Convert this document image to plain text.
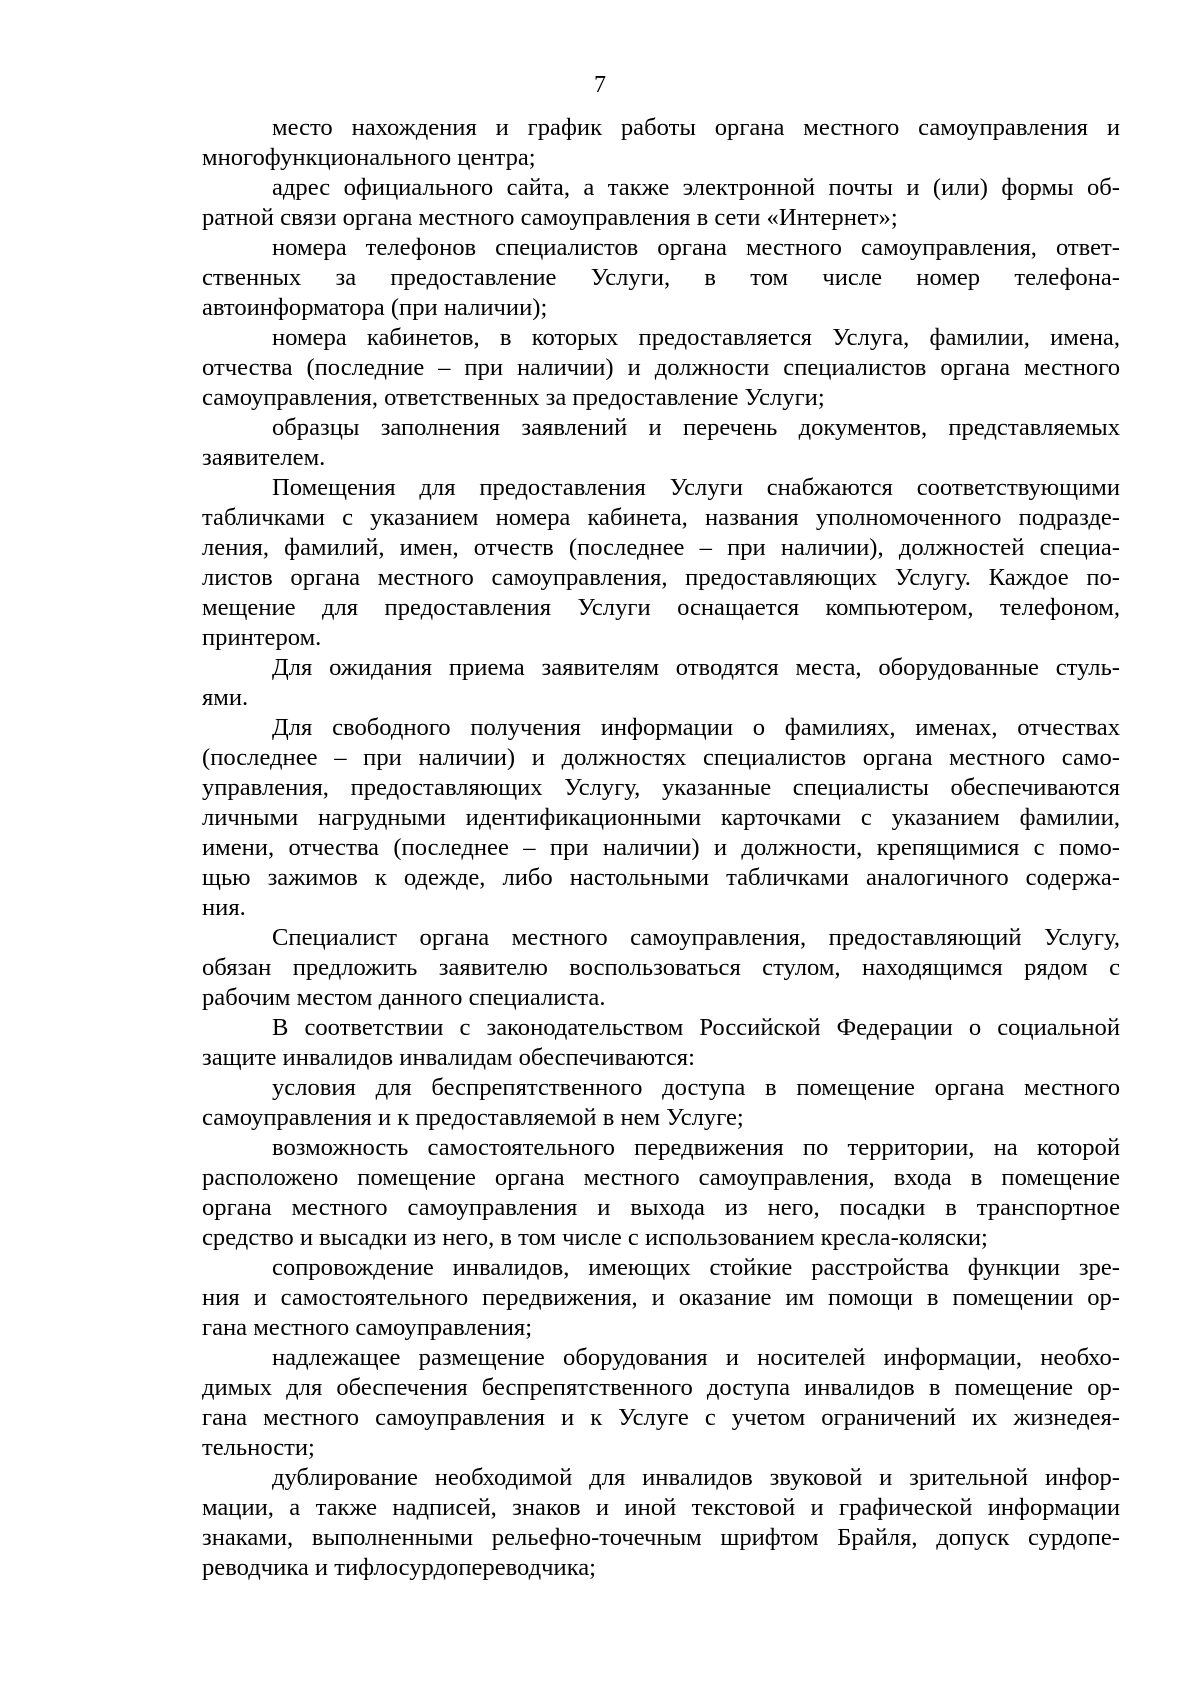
7

место нахождения и график работы органа местного самоуправления и
многофункционального центра;

адрес официального сайта, а также электронной почты и (или) формы об-
ратной связи органа местного самоуправления в сети «Интернет»;

номера телефонов специалистов органа местного самоуправления, ответ-
ственных за предоставление Услуги, в том числе номер телефона-
автоинформатора (при наличии);

номера кабинетов, в которых предоставляется Услуга, фамилии, имена,
отчества (последние – при наличии) и должности специалистов органа местного
самоуправления, ответственных за предоставление Услуги;

образцы заполнения заявлений и перечень документов, представляемых
заявителем.

Помещения для предоставления Услуги снабжаются соответствующими
табличками с указанием номера кабинета, названия уполномоченного подразде-
ления, фамилий, имен, отчеств (последнее – при наличии), должностей специа-
листов органа местного самоуправления, предоставляющих Услугу. Каждое по-
мещение для предоставления Услуги оснащается компьютером, телефоном,
принтером.

Для ожидания приема заявителям отводятся места, оборудованные стуль-
ями.

Для свободного получения информации о фамилиях, именах, отчествах
(последнее – при наличии) и должностях специалистов органа местного само-
управления, предоставляющих Услугу, указанные специалисты обеспечиваются
личными нагрудными идентификационными карточками с указанием фамилии,
имени, отчества (последнее – при наличии) и должности, крепящимися с помо-
щью зажимов к одежде, либо настольными табличками аналогичного содержа-
ния.

Специалист органа местного самоуправления, предоставляющий Услугу,
обязан предложить заявителю воспользоваться стулом, находящимся рядом с
рабочим местом данного специалиста.

В соответствии с законодательством Российской Федерации о социальной
защите инвалидов инвалидам обеспечиваются:

условия для беспрепятственного доступа в помещение органа местного
самоуправления и к предоставляемой в нем Услуге;

возможность самостоятельного передвижения по территории, на которой
расположено помещение органа местного самоуправления, входа в помещение
органа местного самоуправления и выхода из него, посадки в транспортное
средство и высадки из него, в том числе с использованием кресла-коляски;

сопровождение инвалидов, имеющих стойкие расстройства функции зре-
ния и самостоятельного передвижения, и оказание им помощи в помещении ор-
гана местного самоуправления;

надлежащее размещение оборудования и носителей информации, необхо-
димых для обеспечения беспрепятственного доступа инвалидов в помещение ор-
гана местного самоуправления и к Услуге с учетом ограничений их жизнедея-
тельности;

дублирование необходимой для инвалидов звуковой и зрительной инфор-
мации, а также надписей, знаков и иной текстовой и графической информации
знаками, выполненными рельефно-точечным шрифтом Брайля, допуск сурдопе-
реводчика и тифлосурдопереводчика;
